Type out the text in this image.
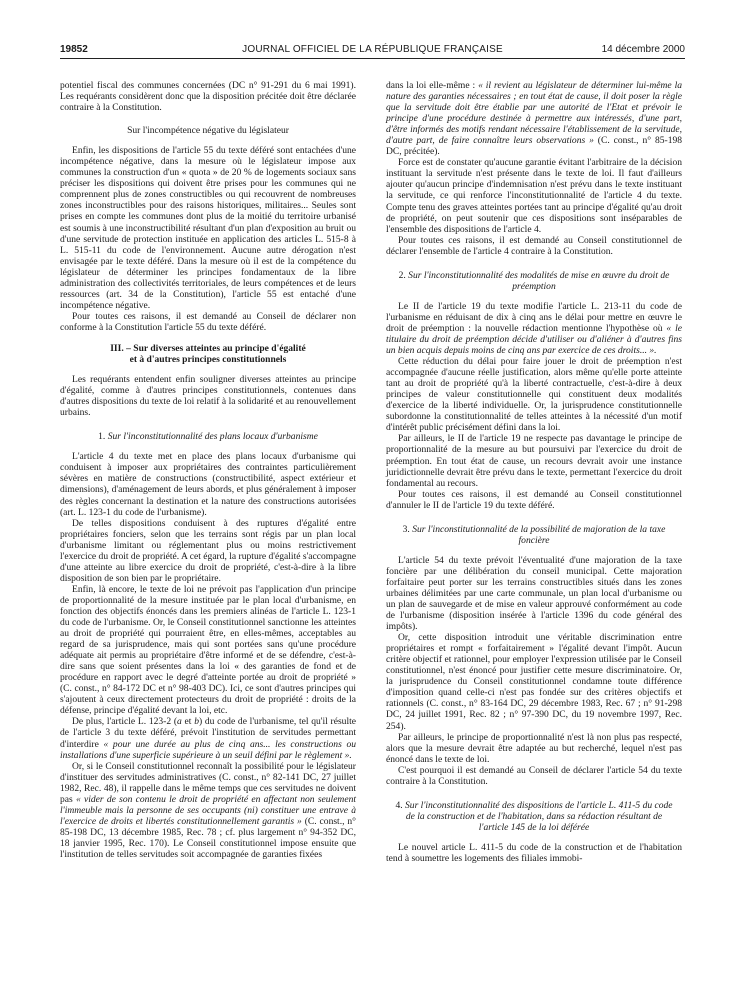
19852	JOURNAL OFFICIEL DE LA RÉPUBLIQUE FRANÇAISE	14 décembre 2000

potentiel fiscal des communes concernées (DC n° 91-291 du 6 mai 1991). Les requérants considèrent donc que la disposition précitée doit être déclarée contraire à la Constitution.

Sur l'incompétence négative du législateur

Enfin, les dispositions de l'article 55 du texte déféré sont entachées d'une incompétence négative, dans la mesure où le législateur impose aux communes la construction d'un « quota » de 20 % de logements sociaux sans préciser les dispositions qui doivent être prises pour les communes qui ne comprennent plus de zones constructibles ou qui recouvrent de nombreuses zones inconstructibles pour des raisons historiques, militaires... Seules sont prises en compte les communes dont plus de la moitié du territoire urbanisé est soumis à une inconstructibilité résultant d'un plan d'exposition au bruit ou d'une servitude de protection instituée en application des articles L. 515-8 à L. 515-11 du code de l'environnement. Aucune autre dérogation n'est envisagée par le texte déféré. Dans la mesure où il est de la compétence du législateur de déterminer les principes fondamentaux de la libre administration des collectivités territoriales, de leurs compétences et de leurs ressources (art. 34 de la Constitution), l'article 55 est entaché d'une incompétence négative.

Pour toutes ces raisons, il est demandé au Conseil de déclarer non conforme à la Constitution l'article 55 du texte déféré.

III. – Sur diverses atteintes au principe d'égalité
et à d'autres principes constitutionnels

Les requérants entendent enfin souligner diverses atteintes au principe d'égalité, comme à d'autres principes constitutionnels, contenues dans d'autres dispositions du texte de loi relatif à la solidarité et au renouvellement urbains.

1. Sur l'inconstitutionnalité des plans locaux d'urbanisme

L'article 4 du texte met en place des plans locaux d'urbanisme qui conduisent à imposer aux propriétaires des contraintes particulièrement sévères en matière de constructions (constructibilité, aspect extérieur et dimensions), d'aménagement de leurs abords, et plus généralement à imposer des règles concernant la destination et la nature des constructions autorisées (art. L. 123-1 du code de l'urbanisme).

De telles dispositions conduisent à des ruptures d'égalité entre propriétaires fonciers, selon que les terrains sont régis par un plan local d'urbanisme limitant ou réglementant plus ou moins restrictivement l'exercice du droit de propriété. A cet égard, la rupture d'égalité s'accompagne d'une atteinte au libre exercice du droit de propriété, c'est-à-dire à la libre disposition de son bien par le propriétaire.

Enfin, là encore, le texte de loi ne prévoit pas l'application d'un principe de proportionnalité de la mesure instituée par le plan local d'urbanisme, en fonction des objectifs énoncés dans les premiers alinéas de l'article L. 123-1 du code de l'urbanisme. Or, le Conseil constitutionnel sanctionne les atteintes au droit de propriété qui pourraient être, en elles-mêmes, acceptables au regard de sa jurisprudence, mais qui sont portées sans qu'une procédure adéquate ait permis au propriétaire d'être informé et de se défendre, c'est-à-dire sans que soient présentes dans la loi « des garanties de fond et de procédure en rapport avec le degré d'atteinte portée au droit de propriété » (C. const., n° 84-172 DC et n° 98-403 DC). Ici, ce sont d'autres principes qui s'ajoutent à ceux directement protecteurs du droit de propriété : droits de la défense, principe d'égalité devant la loi, etc.

De plus, l'article L. 123-2 (a et b) du code de l'urbanisme, tel qu'il résulte de l'article 3 du texte déféré, prévoit l'institution de servitudes permettant d'interdire « pour une durée au plus de cinq ans... les constructions ou installations d'une superficie supérieure à un seuil défini par le règlement ».

Or, si le Conseil constitutionnel reconnaît la possibilité pour le législateur d'instituer des servitudes administratives (C. const., n° 82-141 DC, 27 juillet 1982, Rec. 48), il rappelle dans le même temps que ces servitudes ne doivent pas « vider de son contenu le droit de propriété en affectant non seulement l'immeuble mais la personne de ses occupants (ni) constituer une entrave à l'exercice de droits et libertés constitutionnellement garantis » (C. const., n° 85-198 DC, 13 décembre 1985, Rec. 78 ; cf. plus largement n° 94-352 DC, 18 janvier 1995, Rec. 170). Le Conseil constitutionnel impose ensuite que l'institution de telles servitudes soit accompagnée de garanties fixées

dans la loi elle-même : « il revient au législateur de déterminer lui-même la nature des garanties nécessaires ; en tout état de cause, il doit poser la règle que la servitude doit être établie par une autorité de l'Etat et prévoir le principe d'une procédure destinée à permettre aux intéressés, d'une part, d'être informés des motifs rendant nécessaire l'établissement de la servitude, d'autre part, de faire connaître leurs observations » (C. const., n° 85-198 DC, précitée).

Force est de constater qu'aucune garantie évitant l'arbitraire de la décision instituant la servitude n'est présente dans le texte de loi. Il faut d'ailleurs ajouter qu'aucun principe d'indemnisation n'est prévu dans le texte instituant la servitude, ce qui renforce l'inconstitutionnalité de l'article 4 du texte. Compte tenu des graves atteintes portées tant au principe d'égalité qu'au droit de propriété, on peut soutenir que ces dispositions sont inséparables de l'ensemble des dispositions de l'article 4.

Pour toutes ces raisons, il est demandé au Conseil constitutionnel de déclarer l'ensemble de l'article 4 contraire à la Constitution.

2. Sur l'inconstitutionnalité des modalités de mise en œuvre du droit de préemption

Le II de l'article 19 du texte modifie l'article L. 213-11 du code de l'urbanisme en réduisant de dix à cinq ans le délai pour mettre en œuvre le droit de préemption : la nouvelle rédaction mentionne l'hypothèse où « le titulaire du droit de préemption décide d'utiliser ou d'aliéner à d'autres fins un bien acquis depuis moins de cinq ans par exercice de ces droits... ».

Cette réduction du délai pour faire jouer le droit de préemption n'est accompagnée d'aucune réelle justification, alors même qu'elle porte atteinte tant au droit de propriété qu'à la liberté contractuelle, c'est-à-dire à deux principes de valeur constitutionnelle qui constituent deux modalités d'exercice de la liberté individuelle. Or, la jurisprudence constitutionnelle subordonne la constitutionnalité de telles atteintes à la nécessité d'un motif d'intérêt public précisément défini dans la loi.

Par ailleurs, le II de l'article 19 ne respecte pas davantage le principe de proportionnalité de la mesure au but poursuivi par l'exercice du droit de préemption. En tout état de cause, un recours devrait avoir une instance juridictionnelle devrait être prévu dans le texte, permettant l'exercice du droit fondamental au recours.

Pour toutes ces raisons, il est demandé au Conseil constitutionnel d'annuler le II de l'article 19 du texte déféré.

3. Sur l'inconstitutionnalité de la possibilité de majoration de la taxe foncière

L'article 54 du texte prévoit l'éventualité d'une majoration de la taxe foncière par une délibération du conseil municipal. Cette majoration forfaitaire peut porter sur les terrains constructibles situés dans les zones urbaines délimitées par une carte communale, un plan local d'urbanisme ou un plan de sauvegarde et de mise en valeur approuvé conformément au code de l'urbanisme (disposition insérée à l'article 1396 du code général des impôts).

Or, cette disposition introduit une véritable discrimination entre propriétaires et rompt « forfaitairement » l'égalité devant l'impôt. Aucun critère objectif et rationnel, pour employer l'expression utilisée par le Conseil constitutionnel, n'est énoncé pour justifier cette mesure discriminatoire. Or, la jurisprudence du Conseil constitutionnel condamne toute différence d'imposition quand celle-ci n'est pas fondée sur des critères objectifs et rationnels (C. const., n° 83-164 DC, 29 décembre 1983, Rec. 67 ; n° 91-298 DC, 24 juillet 1991, Rec. 82 ; n° 97-390 DC, du 19 novembre 1997, Rec. 254).

Par ailleurs, le principe de proportionnalité n'est là non plus pas respecté, alors que la mesure devrait être adaptée au but recherché, lequel n'est pas énoncé dans le texte de loi.

C'est pourquoi il est demandé au Conseil de déclarer l'article 54 du texte contraire à la Constitution.

4. Sur l'inconstitutionnalité des dispositions de l'article L. 411-5 du code de la construction et de l'habitation, dans sa rédaction résultant de l'article 145 de la loi déférée

Le nouvel article L. 411-5 du code de la construction et de l'habitation tend à soumettre les logements des filiales immobi-
